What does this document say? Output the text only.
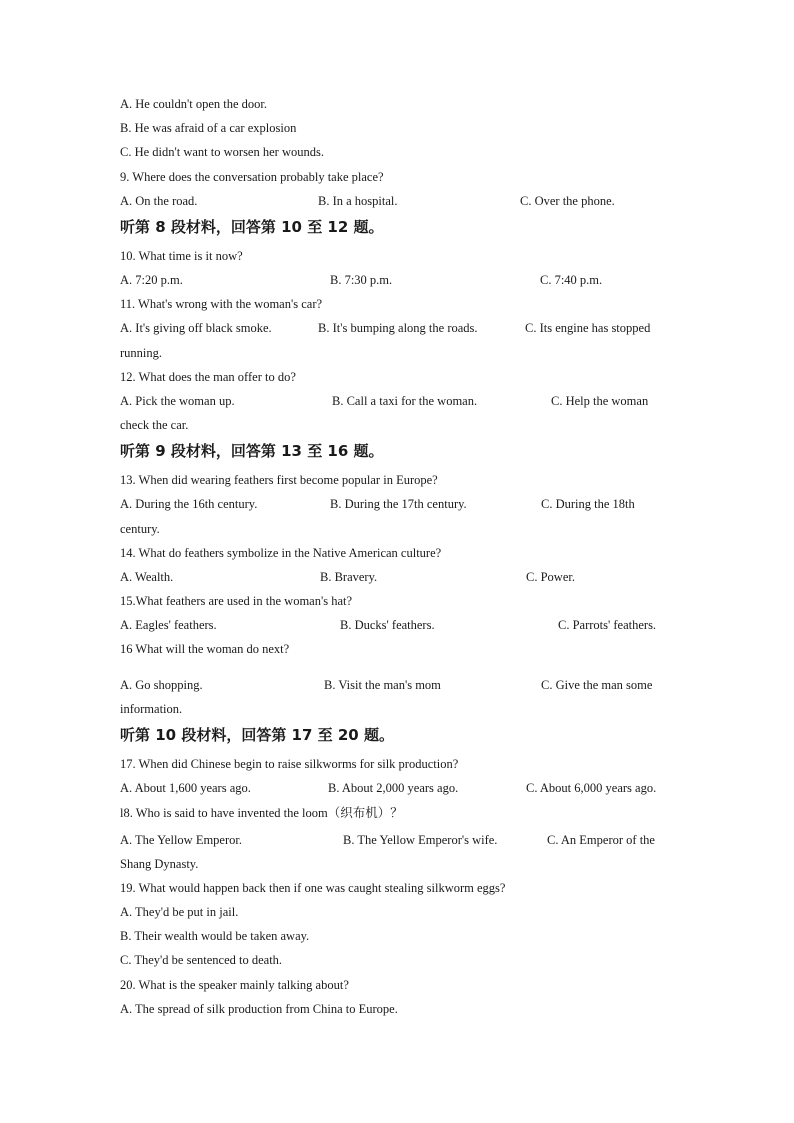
A. He couldn't open the door.
B. He was afraid of a car explosion
C. He didn't want to worsen her wounds.
9. Where does the conversation probably take place?
A. On the road.	B. In a hospital.	C. Over the phone.
听第 8 段材料，回答第 10 至 12 题。
10. What time is it now?
A. 7:20 p.m.	B. 7:30 p.m.	C. 7:40 p.m.
11. What's wrong with the woman's car?
A. It's giving off black smoke.	B. It's bumping along the roads.	C. Its engine has stopped
running.
12. What does the man offer to do?
A. Pick the woman up.	B. Call a taxi for the woman.	C. Help the woman
check the car.
听第 9 段材料，回答第 13 至 16 题。
13. When did wearing feathers first become popular in Europe?
A. During the 16th century.	B. During the 17th century.	C. During the 18th
century.
14. What do feathers symbolize in the Native American culture?
A. Wealth.	B. Bravery.	C. Power.
15.What feathers are used in the woman's hat?
A. Eagles' feathers.	B. Ducks' feathers.	C. Parrots' feathers.
16 What will the woman do next?
A. Go shopping.	B. Visit the man's mom	C. Give the man some
information.
听第 10 段材料，回答第 17 至 20 题。
17. When did Chinese begin to raise silkworms for silk production?
A. About 1,600 years ago.	B. About 2,000 years ago.	C. About 6,000 years ago.
l8. Who is said to have invented the loom（织布机）？
A. The Yellow Emperor.	B. The Yellow Emperor's wife.	C. An Emperor of the
Shang Dynasty.
19. What would happen back then if one was caught stealing silkworm eggs?
A. They'd be put in jail.
B. Their wealth would be taken away.
C. They'd be sentenced to death.
20. What is the speaker mainly talking about?
A. The spread of silk production from China to Europe.
